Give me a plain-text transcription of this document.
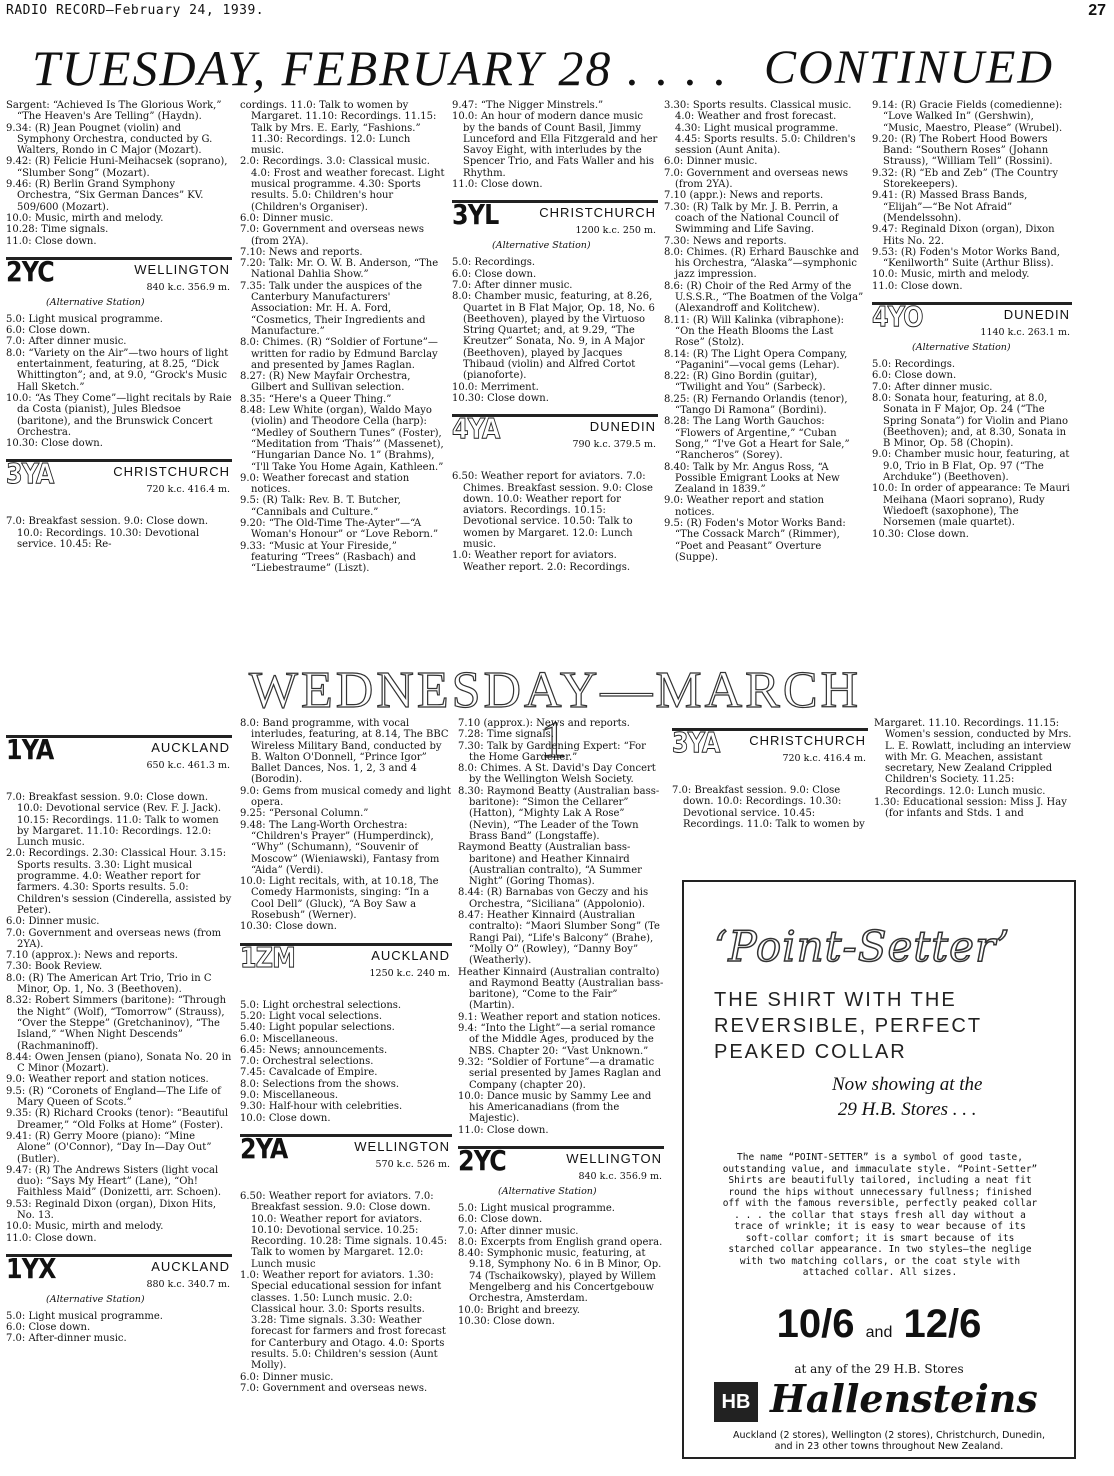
RADIO RECORD—February 24, 1939.	27
TUESDAY, FEBRUARY 28 . . . . CONTINUED

Sargent: “Achieved Is The Glorious Work,” “The Heaven's Are Telling” (Haydn).

9.34: (R) Jean Pougnet (violin) and Symphony Orchestra, conducted by G. Walters, Rondo in C Major (Mozart).

9.42: (R) Felicie Huni-Meihacsek (soprano), “Slumber Song” (Mozart).

9.46: (R) Berlin Grand Symphony Orchestra, “Six German Dances” KV. 509/600 (Mozart).

10.0: Music, mirth and melody.

10.28: Time signals.

11.0: Close down.

2YC	WELLINGTON
840 k.c. 356.9 m.
(Alternative Station)

5.0: Light musical programme.

6.0: Close down.

7.0: After dinner music.

8.0: “Variety on the Air”—two hours of light entertainment, featuring, at 8.25, “Dick Whittington”; and, at 9.0, “Grock's Music Hall Sketch.”

10.0: “As They Come”—light recitals by Raie da Costa (pianist), Jules Bledsoe (baritone), and the Brunswick Concert Orchestra.

10.30: Close down.

3YA	CHRISTCHURCH
720 k.c. 416.4 m.

7.0: Breakfast session. 9.0: Close down. 10.0: Recordings. 10.30: Devotional service. 10.45: Re-

cordings. 11.0: Talk to women by Margaret. 11.10: Recordings. 11.15: Talk by Mrs. E. Early, “Fashions.” 11.30: Recordings. 12.0: Lunch music.

2.0: Recordings. 3.0: Classical music. 4.0: Frost and weather forecast. Light musical programme. 4.30: Sports results. 5.0: Children's hour (Children's Organiser).

6.0: Dinner music.

7.0: Government and overseas news (from 2YA).

7.10: News and reports.

7.20: Talk: Mr. O. W. B. Anderson, “The National Dahlia Show.”

7.35: Talk under the auspices of the Canterbury Manufacturers' Association: Mr. H. A. Ford, “Cosmetics, Their Ingredients and Manufacture.”

8.0: Chimes. (R) “Soldier of Fortune”—written for radio by Edmund Barclay and presented by James Raglan.

8.27: (R) New Mayfair Orchestra, Gilbert and Sullivan selection.

8.35: “Here's a Queer Thing.”

8.48: Lew White (organ), Waldo Mayo (violin) and Theodore Cella (harp): “Medley of Southern Tunes” (Foster), “Meditation from ‘Thais’” (Massenet), “Hungarian Dance No. 1” (Brahms), “I'll Take You Home Again, Kathleen.”

9.0: Weather forecast and station notices.

9.5: (R) Talk: Rev. B. T. Butcher, “Cannibals and Culture.”

9.20: “The Old-Time The-Ayter”—“A Woman's Honour” or “Love Reborn.”

9.33: “Music at Your Fireside,” featuring “Trees” (Rasbach) and “Liebestraume” (Liszt).

9.47: “The Nigger Minstrels.”

10.0: An hour of modern dance music by the bands of Count Basil, Jimmy Lunceford and Ella Fitzgerald and her Savoy Eight, with interludes by the Spencer Trio, and Fats Waller and his Rhythm.

11.0: Close down.

3YL	CHRISTCHURCH
1200 k.c. 250 m.
(Alternative Station)

5.0: Recordings.

6.0: Close down.

7.0: After dinner music.

8.0: Chamber music, featuring, at 8.26, Quartet in B Flat Major, Op. 18, No. 6 (Beethoven), played by the Virtuoso String Quartet; and, at 9.29, “The Kreutzer” Sonata, No. 9, in A Major (Beethoven), played by Jacques Thibaud (violin) and Alfred Cortot (pianoforte).

10.0: Merriment.

10.30: Close down.

4YA	DUNEDIN
790 k.c. 379.5 m.

6.50: Weather report for aviators. 7.0: Chimes. Breakfast session. 9.0: Close down. 10.0: Weather report for aviators. Recordings. 10.15: Devotional service. 10.50: Talk to women by Margaret. 12.0: Lunch music.

1.0: Weather report for aviators. Weather report. 2.0: Recordings.

3.30: Sports results. Classical music. 4.0: Weather and frost forecast. 4.30: Light musical programme. 4.45: Sports results. 5.0: Children's session (Aunt Anita).

6.0: Dinner music.

7.0: Government and overseas news (from 2YA).

7.10 (appr.): News and reports.

7.30: (R) Talk by Mr. J. B. Perrin, a coach of the National Council of Swimming and Life Saving.

7.30: News and reports.

8.0: Chimes. (R) Erhard Bauschke and his Orchestra, “Alaska”—symphonic jazz impression.

8.6: (R) Choir of the Red Army of the U.S.S.R., “The Boatmen of the Volga” (Alexandroff and Kolitchew).

8.11: (R) Will Kalinka (vibraphone): “On the Heath Blooms the Last Rose” (Stolz).

8.14: (R) The Light Opera Company, “Paganini”—vocal gems (Lehar).

8.22: (R) Gino Bordin (guitar), “Twilight and You” (Sarbeck).

8.25: (R) Fernando Orlandis (tenor), “Tango Di Ramona” (Bordini).

8.28: The Lang Worth Gauchos: “Flowers of Argentine,” “Cuban Song,” “I've Got a Heart for Sale,” “Rancheros” (Sorey).

8.40: Talk by Mr. Angus Ross, “A Possible Emigrant Looks at New Zealand in 1839.”

9.0: Weather report and station notices.

9.5: (R) Foden's Motor Works Band: “The Cossack March” (Rimmer), “Poet and Peasant” Overture (Suppe).

9.14: (R) Gracie Fields (comedienne): “Love Walked In” (Gershwin), “Music, Maestro, Please” (Wrubel).

9.20: (R) The Robert Hood Bowers Band: “Southern Roses” (Johann Strauss), “William Tell” (Rossini).

9.32: (R) “Eb and Zeb” (The Country Storekeepers).

9.41: (R) Massed Brass Bands, “Elijah”—“Be Not Afraid” (Mendelssohn).

9.47: Reginald Dixon (organ), Dixon Hits No. 22.

9.53: (R) Foden's Motor Works Band, “Kenilworth” Suite (Arthur Bliss).

10.0: Music, mirth and melody.

11.0: Close down.

4YO	DUNEDIN
1140 k.c. 263.1 m.
(Alternative Station)

5.0: Recordings.

6.0: Close down.

7.0: After dinner music.

8.0: Sonata hour, featuring, at 8.0, Sonata in F Major, Op. 24 (“The Spring Sonata”) for Violin and Piano (Beethoven); and, at 8.30, Sonata in B Minor, Op. 58 (Chopin).

9.0: Chamber music hour, featuring, at 9.0, Trio in B Flat, Op. 97 (“The Archduke”) (Beethoven).

10.0: In order of appearance: Te Mauri Meihana (Maori soprano), Rudy Wiedoeft (saxophone), The Norsemen (male quartet).

10.30: Close down.

WEDNESDAY—MARCH 1
1YA	AUCKLAND
650 k.c. 461.3 m.

7.0: Breakfast session. 9.0: Close down. 10.0: Devotional service (Rev. F. J. Jack). 10.15: Recordings. 11.0: Talk to women by Margaret. 11.10: Recordings. 12.0: Lunch music.

2.0: Recordings. 2.30: Classical Hour. 3.15: Sports results. 3.30: Light musical programme. 4.0: Weather report for farmers. 4.30: Sports results. 5.0: Children's session (Cinderella, assisted by Peter).

6.0: Dinner music.

7.0: Government and overseas news (from 2YA).

7.10 (approx.): News and reports.

7.30: Book Review.

8.0: (R) The American Art Trio, Trio in C Minor, Op. 1, No. 3 (Beethoven).

8.32: Robert Simmers (baritone): “Through the Night” (Wolf), “Tomorrow” (Strauss), “Over the Steppe” (Gretchaninov), “The Island,” “When Night Descends” (Rachmaninoff).

8.44: Owen Jensen (piano), Sonata No. 20 in C Minor (Mozart).

9.0: Weather report and station notices.

9.5: (R) “Coronets of England—The Life of Mary Queen of Scots.”

9.35: (R) Richard Crooks (tenor): “Beautiful Dreamer,” “Old Folks at Home” (Foster).

9.41: (R) Gerry Moore (piano): “Mine Alone” (O'Connor), “Day In—Day Out” (Butler).

9.47: (R) The Andrews Sisters (light vocal duo): “Says My Heart” (Lane), “Oh! Faithless Maid” (Donizetti, arr. Schoen).

9.53: Reginald Dixon (organ), Dixon Hits, No. 13.

10.0: Music, mirth and melody.

11.0: Close down.

1YX	AUCKLAND
880 k.c. 340.7 m.
(Alternative Station)

5.0: Light musical programme.

6.0: Close down.

7.0: After-dinner music.

8.0: Band programme, with vocal interludes, featuring, at 8.14, The BBC Wireless Military Band, conducted by B. Walton O'Donnell, “Prince Igor” Ballet Dances, Nos. 1, 2, 3 and 4 (Borodin).

9.0: Gems from musical comedy and light opera.

9.25: “Personal Column.”

9.48: The Lang-Worth Orchestra: “Children's Prayer” (Humperdinck), “Why” (Schumann), “Souvenir of Moscow” (Wieniawski), Fantasy from “Aida” (Verdi).

10.0: Light recitals, with, at 10.18, The Comedy Harmonists, singing: “In a Cool Dell” (Gluck), “A Boy Saw a Rosebush” (Werner).

10.30: Close down.

1ZM	AUCKLAND
1250 k.c. 240 m.

5.0: Light orchestral selections.

5.20: Light vocal selections.

5.40: Light popular selections.

6.0: Miscellaneous.

6.45: News; announcements.

7.0: Orchestral selections.

7.45: Cavalcade of Empire.

8.0: Selections from the shows.

9.0: Miscellaneous.

9.30: Half-hour with celebrities.

10.0: Close down.

2YA	WELLINGTON
570 k.c. 526 m.

6.50: Weather report for aviators. 7.0: Breakfast session. 9.0: Close down. 10.0: Weather report for aviators. 10.10: Devotional service. 10.25: Recording. 10.28: Time signals. 10.45: Talk to women by Margaret. 12.0: Lunch music

1.0: Weather report for aviators. 1.30: Special educational session for infant classes. 1.50: Lunch music. 2.0: Classical hour. 3.0: Sports results. 3.28: Time signals. 3.30: Weather forecast for farmers and frost forecast for Canterbury and Otago. 4.0: Sports results. 5.0: Children's session (Aunt Molly).

6.0: Dinner music.

7.0: Government and overseas news.

7.10 (approx.): News and reports.

7.28: Time signals.

7.30: Talk by Gardening Expert: “For the Home Gardener.”

8.0: Chimes. A St. David's Day Concert by the Wellington Welsh Society.

8.30: Raymond Beatty (Australian bass-baritone): “Simon the Cellarer” (Hatton), “Mighty Lak A Rose” (Nevin), “The Leader of the Town Brass Band” (Longstaffe).

Raymond Beatty (Australian bass-baritone) and Heather Kinnaird (Australian contralto), “A Summer Night” (Goring Thomas).

8.44: (R) Barnabas von Geczy and his Orchestra, “Siciliana” (Appolonio).

8.47: Heather Kinnaird (Australian contralto): “Maori Slumber Song” (Te Rangi Pai), “Life's Balcony” (Brahe), “Molly O” (Rowley), “Danny Boy” (Weatherly).

Heather Kinnaird (Australian contralto) and Raymond Beatty (Australian bass-baritone), “Come to the Fair” (Martin).

9.1: Weather report and station notices.

9.4: “Into the Light”—a serial romance of the Middle Ages, produced by the NBS. Chapter 20: “Vast Unknown.”

9.32: “Soldier of Fortune”—a dramatic serial presented by James Raglan and Company (chapter 20).

10.0: Dance music by Sammy Lee and his Americanadians (from the Majestic).

11.0: Close down.

2YC	WELLINGTON
840 k.c. 356.9 m.
(Alternative Station)

5.0: Light musical programme.

6.0: Close down.

7.0: After dinner music.

8.0: Excerpts from English grand opera.

8.40: Symphonic music, featuring, at 9.18, Symphony No. 6 in B Minor, Op. 74 (Tschaikowsky), played by Willem Mengelberg and his Concertgebouw Orchestra, Amsterdam.

10.0: Bright and breezy.

10.30: Close down.

3YA CHRISTCHURCH
720 k.c. 416.4 m.

7.0: Breakfast session. 9.0: Close down. 10.0: Recordings. 10.30: Devotional service. 10.45: Recordings. 11.0: Talk to women by

Margaret. 11.10. Recordings. 11.15: Women's session, conducted by Mrs. L. E. Rowlatt, including an interview with Mr. G. Meachen, assistant secretary, New Zealand Crippled Children's Society. 11.25: Recordings. 12.0: Lunch music.

1.30: Educational session: Miss J. Hay (for infants and Stds. 1 and

‘Point-Setter’
THE SHIRT WITH THE
REVERSIBLE, PERFECT
PEAKED COLLAR
Now showing at the
29 H.B. Stores . . .
The name “POINT-SETTER” is a symbol of good taste, outstanding value, and immaculate style. “Point-Setter” Shirts are beautifully tailored, including a neat fit round the hips without unnecessary fullness; finished off with the famous reversible, perfectly peaked collar . . . the collar that stays fresh all day without a trace of wrinkle; it is easy to wear because of its soft-collar comfort; it is smart because of its starched collar appearance. In two styles—the neglige with two matching collars, or the coat style with attached collar. All sizes.
10/6 and 12/6
at any of the 29 H.B. Stores
HB Hallensteins
Auckland (2 stores), Wellington (2 stores), Christchurch, Dunedin, and in 23 other towns throughout New Zealand.
